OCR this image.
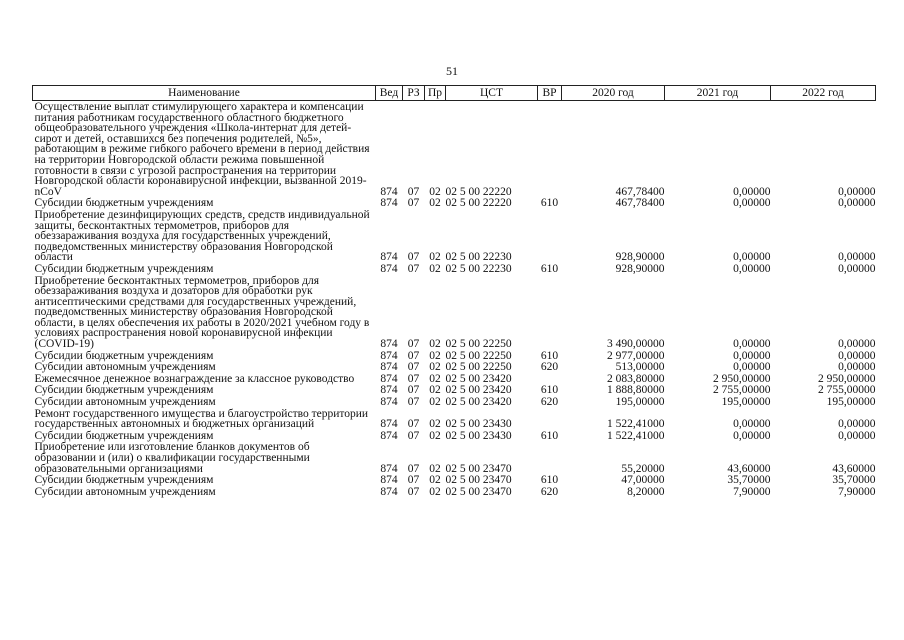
51
Наименование	Вед	РЗ	Пр	ЦСТ	ВР	2020 год	2021 год	2022 год
Осуществление выплат стимулирующего характера и компенсации питания работникам государственного областного бюджетного общеобразовательного учреждения «Школа-интернат для детей-сирот и детей, оставшихся без попечения родителей, №5», работающим в режиме гибкого рабочего времени в период действия на территории Новгородской области режима повышенной готовности в связи с угрозой распространения на территории Новгородской области коронавирусной инфекции, вызванной 2019-nCoV	874	07	02	02 5 00 22220		467,78400	0,00000	0,00000
Субсидии бюджетным учреждениям	874	07	02	02 5 00 22220	610	467,78400	0,00000	0,00000
Приобретение дезинфицирующих средств, средств индивидуальной защиты, бесконтактных термометров, приборов для обеззараживания воздуха для государственных учреждений, подведомственных министерству образования Новгородской области	874	07	02	02 5 00 22230		928,90000	0,00000	0,00000
Субсидии бюджетным учреждениям	874	07	02	02 5 00 22230	610	928,90000	0,00000	0,00000
Приобретение бесконтактных термометров, приборов для обеззараживания воздуха и дозаторов для обработки рук антисептическими средствами для государственных учреждений, подведомственных министерству образования Новгородской области, в целях обеспечения их работы в 2020/2021 учебном году в условиях распространения новой коронавирусной инфекции (COVID-19)	874	07	02	02 5 00 22250		3 490,00000	0,00000	0,00000
Субсидии бюджетным учреждениям	874	07	02	02 5 00 22250	610	2 977,00000	0,00000	0,00000
Субсидии автономным учреждениям	874	07	02	02 5 00 22250	620	513,00000	0,00000	0,00000
Ежемесячное денежное вознаграждение за классное руководство	874	07	02	02 5 00 23420		2 083,80000	2 950,00000	2 950,00000
Субсидии бюджетным учреждениям	874	07	02	02 5 00 23420	610	1 888,80000	2 755,00000	2 755,00000
Субсидии автономным учреждениям	874	07	02	02 5 00 23420	620	195,00000	195,00000	195,00000
Ремонт государственного имущества и благоустройство территории государственных автономных и бюджетных организаций	874	07	02	02 5 00 23430		1 522,41000	0,00000	0,00000
Субсидии бюджетным учреждениям	874	07	02	02 5 00 23430	610	1 522,41000	0,00000	0,00000
Приобретение или изготовление бланков документов об образовании и (или) о квалификации государственными образовательными организациями	874	07	02	02 5 00 23470		55,20000	43,60000	43,60000
Субсидии бюджетным учреждениям	874	07	02	02 5 00 23470	610	47,00000	35,70000	35,70000
Субсидии автономным учреждениям	874	07	02	02 5 00 23470	620	8,20000	7,90000	7,90000
